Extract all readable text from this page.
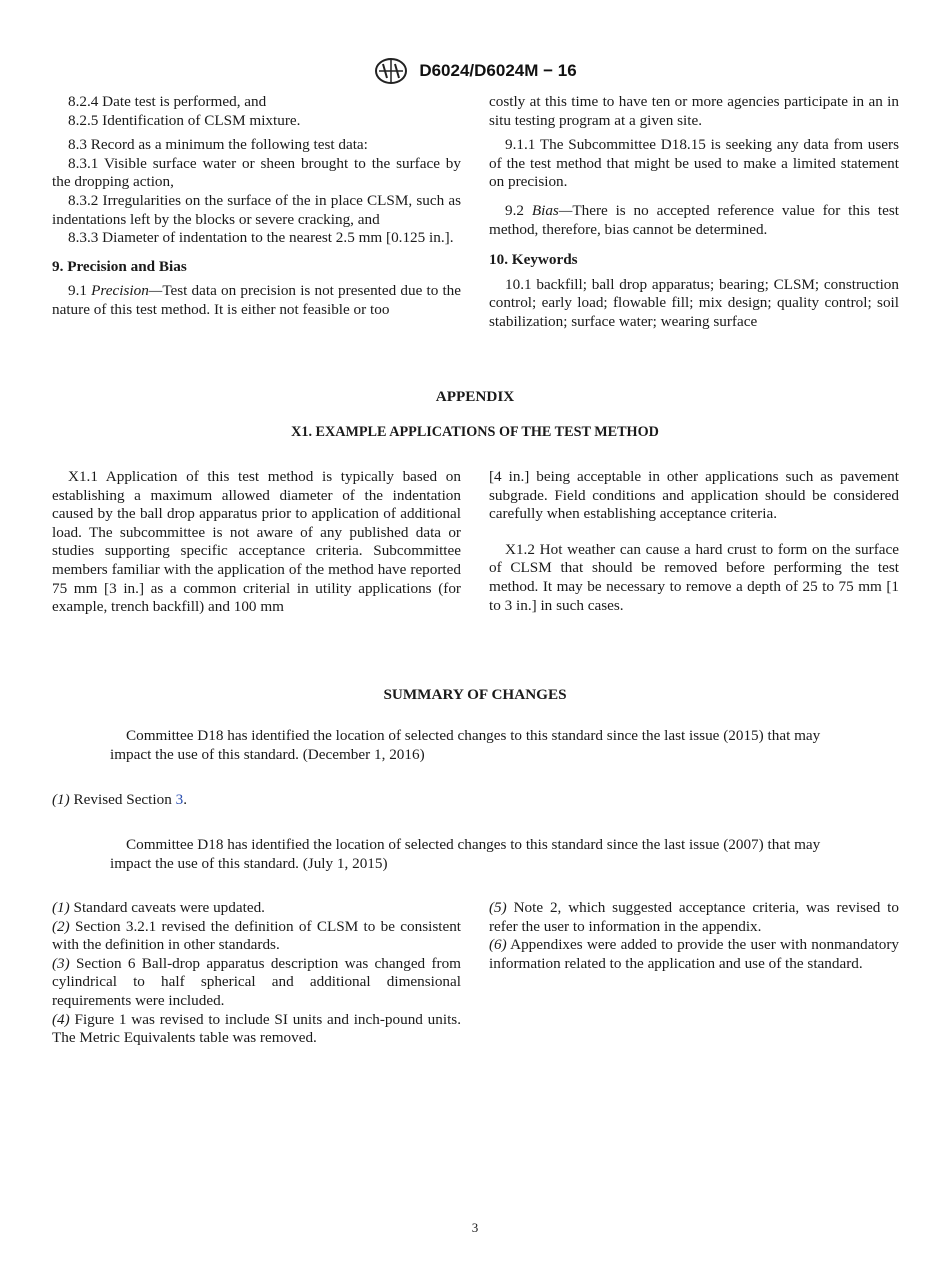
D6024/D6024M − 16

8.2.4 Date test is performed, and

8.2.5 Identification of CLSM mixture.

8.3 Record as a minimum the following test data:

8.3.1 Visible surface water or sheen brought to the surface by the dropping action,

8.3.2 Irregularities on the surface of the in place CLSM, such as indentations left by the blocks or severe cracking, and

8.3.3 Diameter of indentation to the nearest 2.5 mm [0.125 in.].

9. Precision and Bias

9.1 Precision—Test data on precision is not presented due to the nature of this test method. It is either not feasible or too

costly at this time to have ten or more agencies participate in an in situ testing program at a given site.

9.1.1 The Subcommittee D18.15 is seeking any data from users of the test method that might be used to make a limited statement on precision.

9.2 Bias—There is no accepted reference value for this test method, therefore, bias cannot be determined.

10. Keywords

10.1 backfill; ball drop apparatus; bearing; CLSM; construction control; early load; flowable fill; mix design; quality control; soil stabilization; surface water; wearing surface

APPENDIX
X1. EXAMPLE APPLICATIONS OF THE TEST METHOD

X1.1 Application of this test method is typically based on establishing a maximum allowed diameter of the indentation caused by the ball drop apparatus prior to application of additional load. The subcommittee is not aware of any published data or studies supporting specific acceptance criteria. Subcommittee members familiar with the application of the method have reported 75 mm [3 in.] as a common criterial in utility applications (for example, trench backfill) and 100 mm

[4 in.] being acceptable in other applications such as pavement subgrade. Field conditions and application should be considered carefully when establishing acceptance criteria.

X1.2 Hot weather can cause a hard crust to form on the surface of CLSM that should be removed before performing the test method. It may be necessary to remove a depth of 25 to 75 mm [1 to 3 in.] in such cases.

SUMMARY OF CHANGES
Committee D18 has identified the location of selected changes to this standard since the last issue (2015) that may impact the use of this standard. (December 1, 2016)
(1) Revised Section 3.
Committee D18 has identified the location of selected changes to this standard since the last issue (2007) that may impact the use of this standard. (July 1, 2015)

(1) Standard caveats were updated.

(2) Section 3.2.1 revised the definition of CLSM to be consistent with the definition in other standards.

(3) Section 6 Ball-drop apparatus description was changed from cylindrical to half spherical and additional dimensional requirements were included.

(4) Figure 1 was revised to include SI units and inch-pound units. The Metric Equivalents table was removed.

(5) Note 2, which suggested acceptance criteria, was revised to refer the user to information in the appendix.

(6) Appendixes were added to provide the user with nonmandatory information related to the application and use of the standard.

3
